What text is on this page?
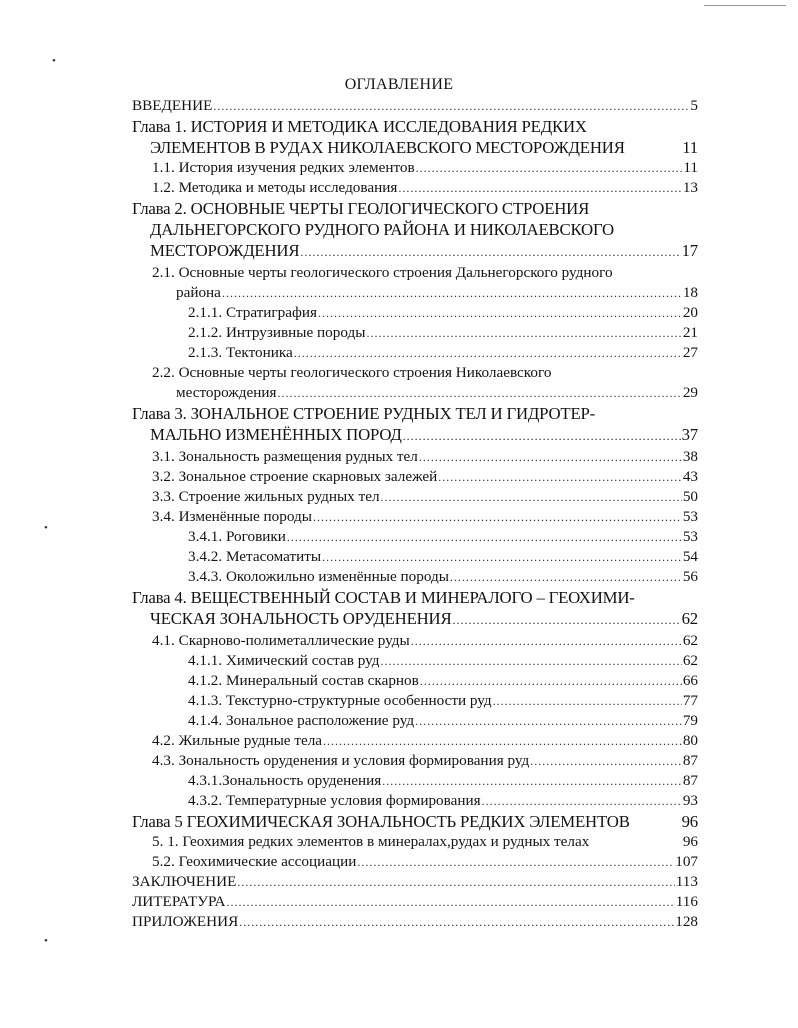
•
•
•
ОГЛАВЛЕНИЕ
ВВЕДЕНИЕ .....	5
Глава 1. ИСТОРИЯ И МЕТОДИКА ИССЛЕДОВАНИЯ РЕДКИХ
ЭЛЕМЕНТОВ В РУДАХ НИКОЛАЕВСКОГО МЕСТОРОЖДЕНИЯ	11
1.1. История изучения редких элементов .....	11
1.2. Методика и методы исследования .....	13
Глава 2. ОСНОВНЫЕ ЧЕРТЫ ГЕОЛОГИЧЕСКОГО СТРОЕНИЯ
ДАЛЬНЕГОРСКОГО РУДНОГО РАЙОНА И НИКОЛАЕВСКОГО
МЕСТОРОЖДЕНИЯ .....	17
2.1. Основные черты геологического строения Дальнегорского рудного
района .....	18
2.1.1. Стратиграфия .....	20
2.1.2. Интрузивные породы .....	21
2.1.3. Тектоника .....	27
2.2. Основные черты геологического строения Николаевского
месторождения .....	29
Глава 3. ЗОНАЛЬНОЕ СТРОЕНИЕ РУДНЫХ ТЕЛ И ГИДРОТЕР-
МАЛЬНО ИЗМЕНЁННЫХ ПОРОД .....	37
3.1. Зональность размещения рудных тел .....	38
3.2. Зональное строение скарновых залежей .....	43
3.3. Строение жильных рудных тел .....	50
3.4. Изменённые породы .....	53
3.4.1. Роговики .....	53
3.4.2. Метасоматиты .....	54
3.4.3. Околожильно изменённые породы .....	56
Глава 4. ВЕЩЕСТВЕННЫЙ СОСТАВ И МИНЕРАЛОГО – ГЕОХИМИ-
ЧЕСКАЯ ЗОНАЛЬНОСТЬ ОРУДЕНЕНИЯ .....	62
4.1. Скарново-полиметаллические руды .....	62
4.1.1. Химический состав руд .....	62
4.1.2. Минеральный состав скарнов .....	66
4.1.3. Текстурно-структурные особенности руд .....	77
4.1.4. Зональное расположение руд .....	79
4.2. Жильные рудные тела .....	80
4.3. Зональность оруденения и условия формирования руд .....	87
4.3.1.Зональность оруденения .....	87
4.3.2. Температурные условия формирования .....	93
Глава 5 ГЕОХИМИЧЕСКАЯ ЗОНАЛЬНОСТЬ РЕДКИХ ЭЛЕМЕНТОВ	96
5. 1. Геохимия редких элементов в минералах,рудах и рудных телах	96
5.2. Геохимические ассоциации .....	107
ЗАКЛЮЧЕНИЕ .....	113
ЛИТЕРАТУРА .....	116
ПРИЛОЖЕНИЯ .....	128
